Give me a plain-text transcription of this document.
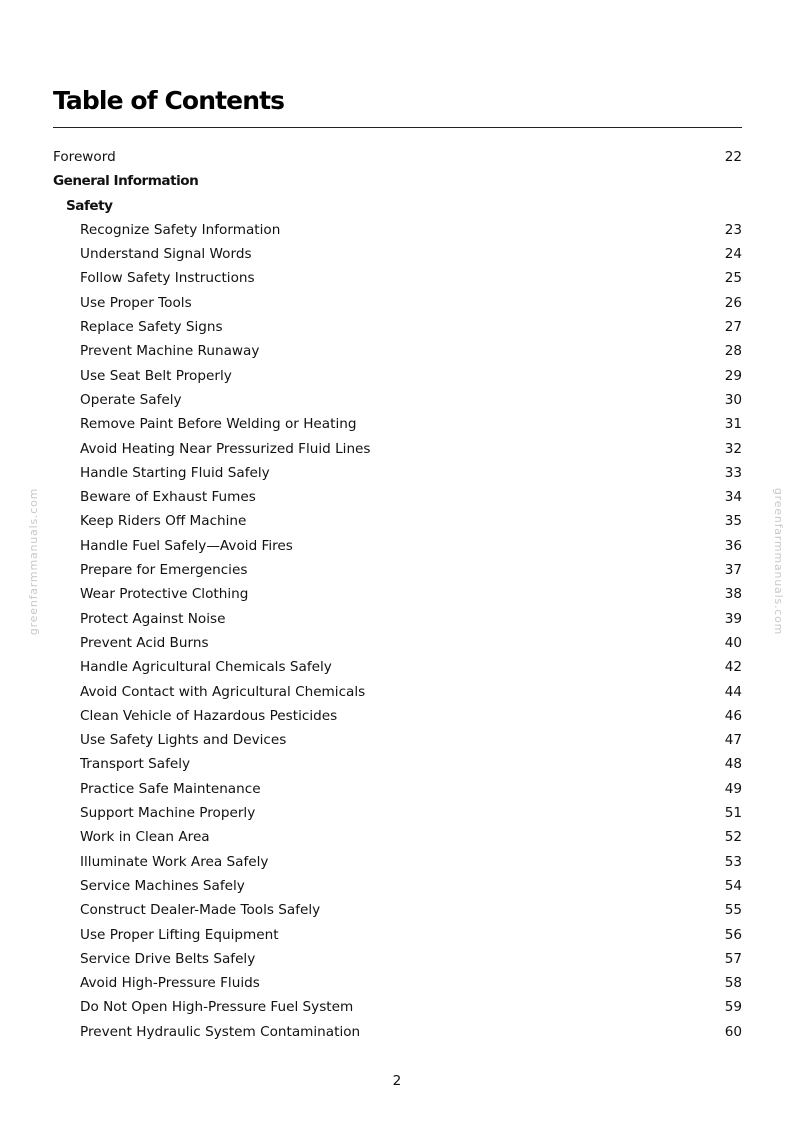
Table of Contents
Foreword	22
General Information
Safety
Recognize Safety Information	23
Understand Signal Words	24
Follow Safety Instructions	25
Use Proper Tools	26
Replace Safety Signs	27
Prevent Machine Runaway	28
Use Seat Belt Properly	29
Operate Safely	30
Remove Paint Before Welding or Heating	31
Avoid Heating Near Pressurized Fluid Lines	32
Handle Starting Fluid Safely	33
Beware of Exhaust Fumes	34
Keep Riders Off Machine	35
Handle Fuel Safely—Avoid Fires	36
Prepare for Emergencies	37
Wear Protective Clothing	38
Protect Against Noise	39
Prevent Acid Burns	40
Handle Agricultural Chemicals Safely	42
Avoid Contact with Agricultural Chemicals	44
Clean Vehicle of Hazardous Pesticides	46
Use Safety Lights and Devices	47
Transport Safely	48
Practice Safe Maintenance	49
Support Machine Properly	51
Work in Clean Area	52
Illuminate Work Area Safely	53
Service Machines Safely	54
Construct Dealer-Made Tools Safely	55
Use Proper Lifting Equipment	56
Service Drive Belts Safely	57
Avoid High-Pressure Fluids	58
Do Not Open High-Pressure Fuel System	59
Prevent Hydraulic System Contamination	60
greenfarmmanuals.com	greenfarmmanuals.com
2
